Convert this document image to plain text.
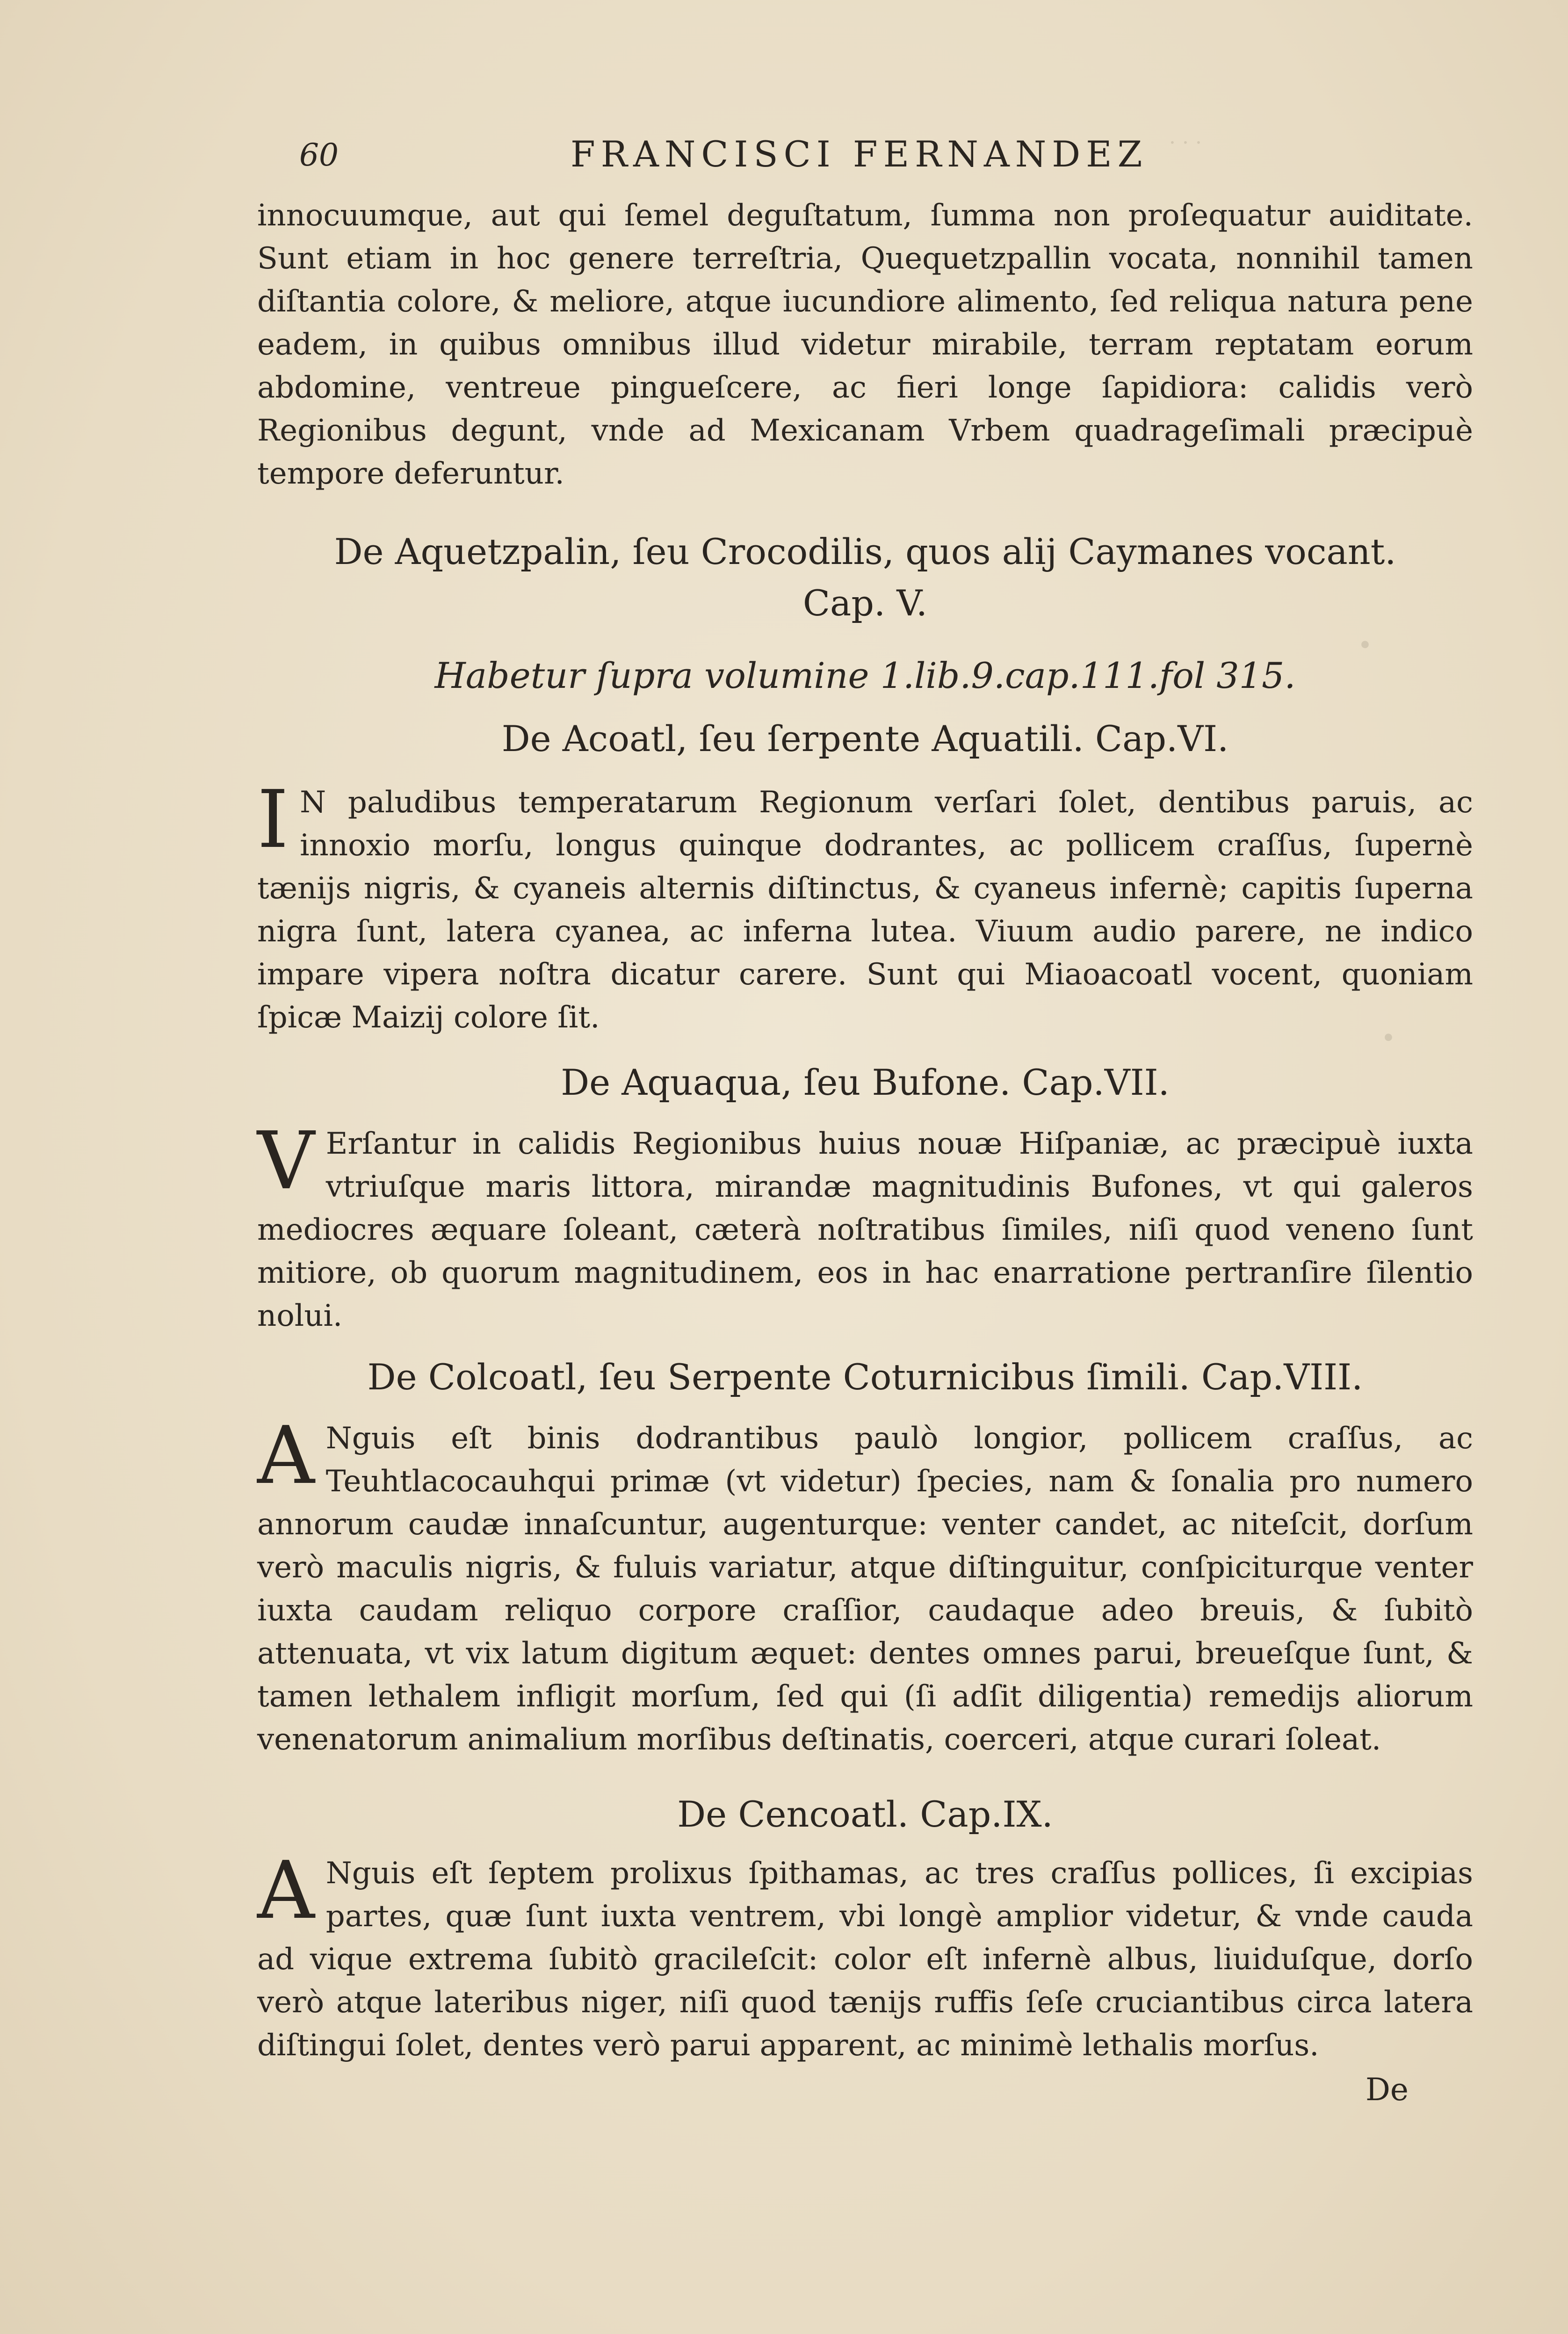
· · ·
·
·
60	FRANCISCI FERNANDEZ

innocuumque, aut qui ſemel deguſtatum, ſumma non proſequatur auiditate. Sunt etiam in hoc genere terreſtria, Quequetzpallin vocata, nonnihil tamen diſtantia colore, & meliore, atque iucundiore alimento, ſed reliqua natura pene eadem, in quibus omnibus illud videtur mirabile, terram reptatam eorum abdomine, ventreue pingueſcere, ac fieri longe ſapidiora: calidis verò Regionibus degunt, vnde ad Mexicanam Vrbem quadrageſimali præcipuè tempore deferuntur.

De Aquetzpalin, ſeu Crocodilis, quos alij Caymanes vocant.

Cap. V.

Habetur ſupra volumine 1.lib.9.cap.111.fol 315.

De Acoatl, ſeu ſerpente Aquatili. Cap.VI.

I N paludibus temperatarum Regionum verſari ſolet, dentibus paruis, ac innoxio morſu, longus quinque dodrantes, ac pollicem craſſus, ſupernè tænijs nigris, & cyaneis alternis diſtinctus, & cyaneus infernè; capitis ſuperna nigra ſunt, latera cyanea, ac inferna lutea. Viuum audio parere, ne indico impare vipera noſtra dicatur carere. Sunt qui Miaoacoatl vocent, quoniam ſpicæ Maizij colore ſit.

De Aquaqua, ſeu Bufone. Cap.VII.

V Erſantur in calidis Regionibus huius nouæ Hiſpaniæ, ac præcipuè iuxta vtriuſque maris littora, mirandæ magnitudinis Bufones, vt qui galeros mediocres æquare ſoleant, cæterà noſtratibus ſimiles, niſi quod veneno ſunt mitiore, ob quorum magnitudinem, eos in hac enarratione pertranſire ſilentio nolui.

De Colcoatl, ſeu Serpente Coturnicibus ſimili. Cap.VIII.

A Nguis eſt binis dodrantibus paulò longior, pollicem craſſus, ac Teuhtlacocauhqui primæ (vt videtur) ſpecies, nam & ſonalia pro numero annorum caudæ innaſcuntur, augenturque: venter candet, ac niteſcit, dorſum verò maculis nigris, & fuluis variatur, atque diſtinguitur, conſpiciturque venter iuxta caudam reliquo corpore craſſior, caudaque adeo breuis, & ſubitò attenuata, vt vix latum digitum æquet: dentes omnes parui, breueſque ſunt, & tamen lethalem infligit morſum, ſed qui (ſi adſit diligentia) remedijs aliorum venenatorum animalium morſibus deſtinatis, coerceri, atque curari ſoleat.

De Cencoatl. Cap.IX.

A Nguis eſt ſeptem prolixus ſpithamas, ac tres craſſus pollices, ſi excipias partes, quæ ſunt iuxta ventrem, vbi longè amplior videtur, & vnde cauda ad vique extrema ſubitò gracileſcit: color eſt infernè albus, liuiduſque, dorſo verò atque lateribus niger, niſi quod tænijs ruffis ſeſe cruciantibus circa latera diſtingui ſolet, dentes verò parui apparent, ac minimè lethalis morſus.
De
